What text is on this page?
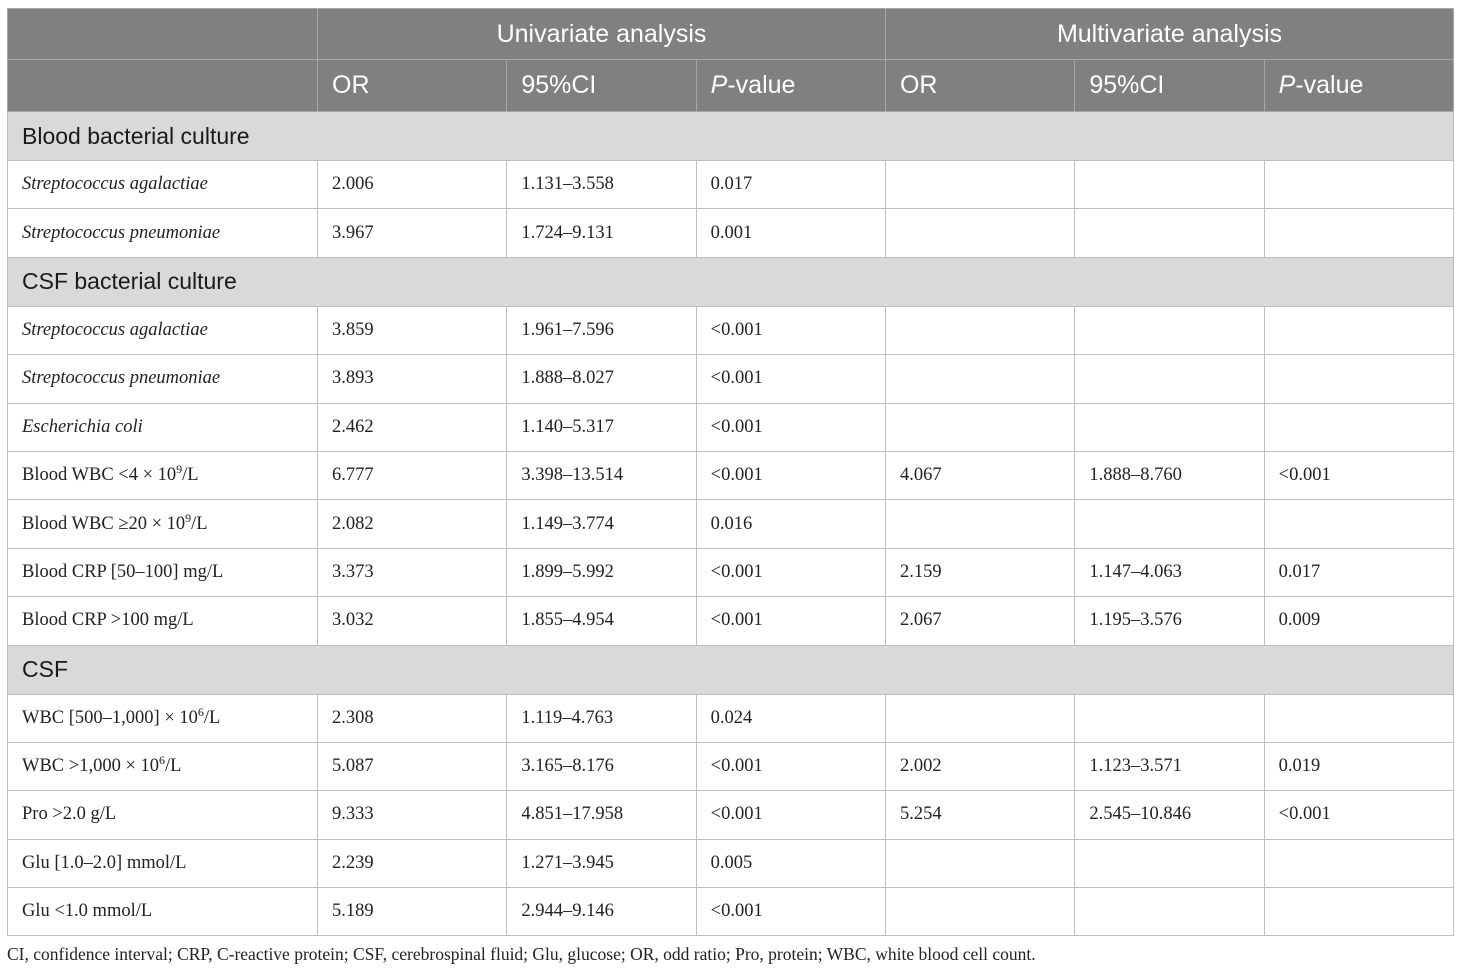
	Univariate analysis			Multivariate analysis		
	OR	95%CI	P-value	OR	95%CI	P-value
Blood bacterial culture						
Streptococcus agalactiae	2.006	1.131–3.558	0.017			
Streptococcus pneumoniae	3.967	1.724–9.131	0.001			
CSF bacterial culture						
Streptococcus agalactiae	3.859	1.961–7.596	<0.001			
Streptococcus pneumoniae	3.893	1.888–8.027	<0.001			
Escherichia coli	2.462	1.140–5.317	<0.001			
Blood WBC $<4 \times 10^9/L$	6.777	3.398–13.514	<0.001	4.067	1.888–8.760	<0.001
Blood WBC $\ge 20 \times 10^9/L$	2.082	1.149–3.774	0.016			
Blood CRP [50–100] mg/L	3.373	1.899–5.992	<0.001	2.159	1.147–4.063	0.017
Blood CRP >100 mg/L	3.032	1.855–4.954	<0.001	2.067	1.195–3.576	0.009
CSF						
WBC $[500-1,000] \times 10^6/L$	2.308	1.119–4.763	0.024			
WBC $>1,000 \times 10^6/L$	5.087	3.165–8.176	<0.001	2.002	1.123–3.571	0.019
Pro >2.0 g/L	9.333	4.851–17.958	<0.001	5.254	2.545–10.846	<0.001
Glu [1.0–2.0] mmol/L	2.239	1.271–3.945	0.005			
Glu <1.0 mmol/L	5.189	2.944–9.146	<0.001			
CI, confidence interval; CRP, C-reactive protein; CSF, cerebrospinal fluid; Glu, glucose; OR, odd ratio; Pro, protein; WBC, white blood cell count.
